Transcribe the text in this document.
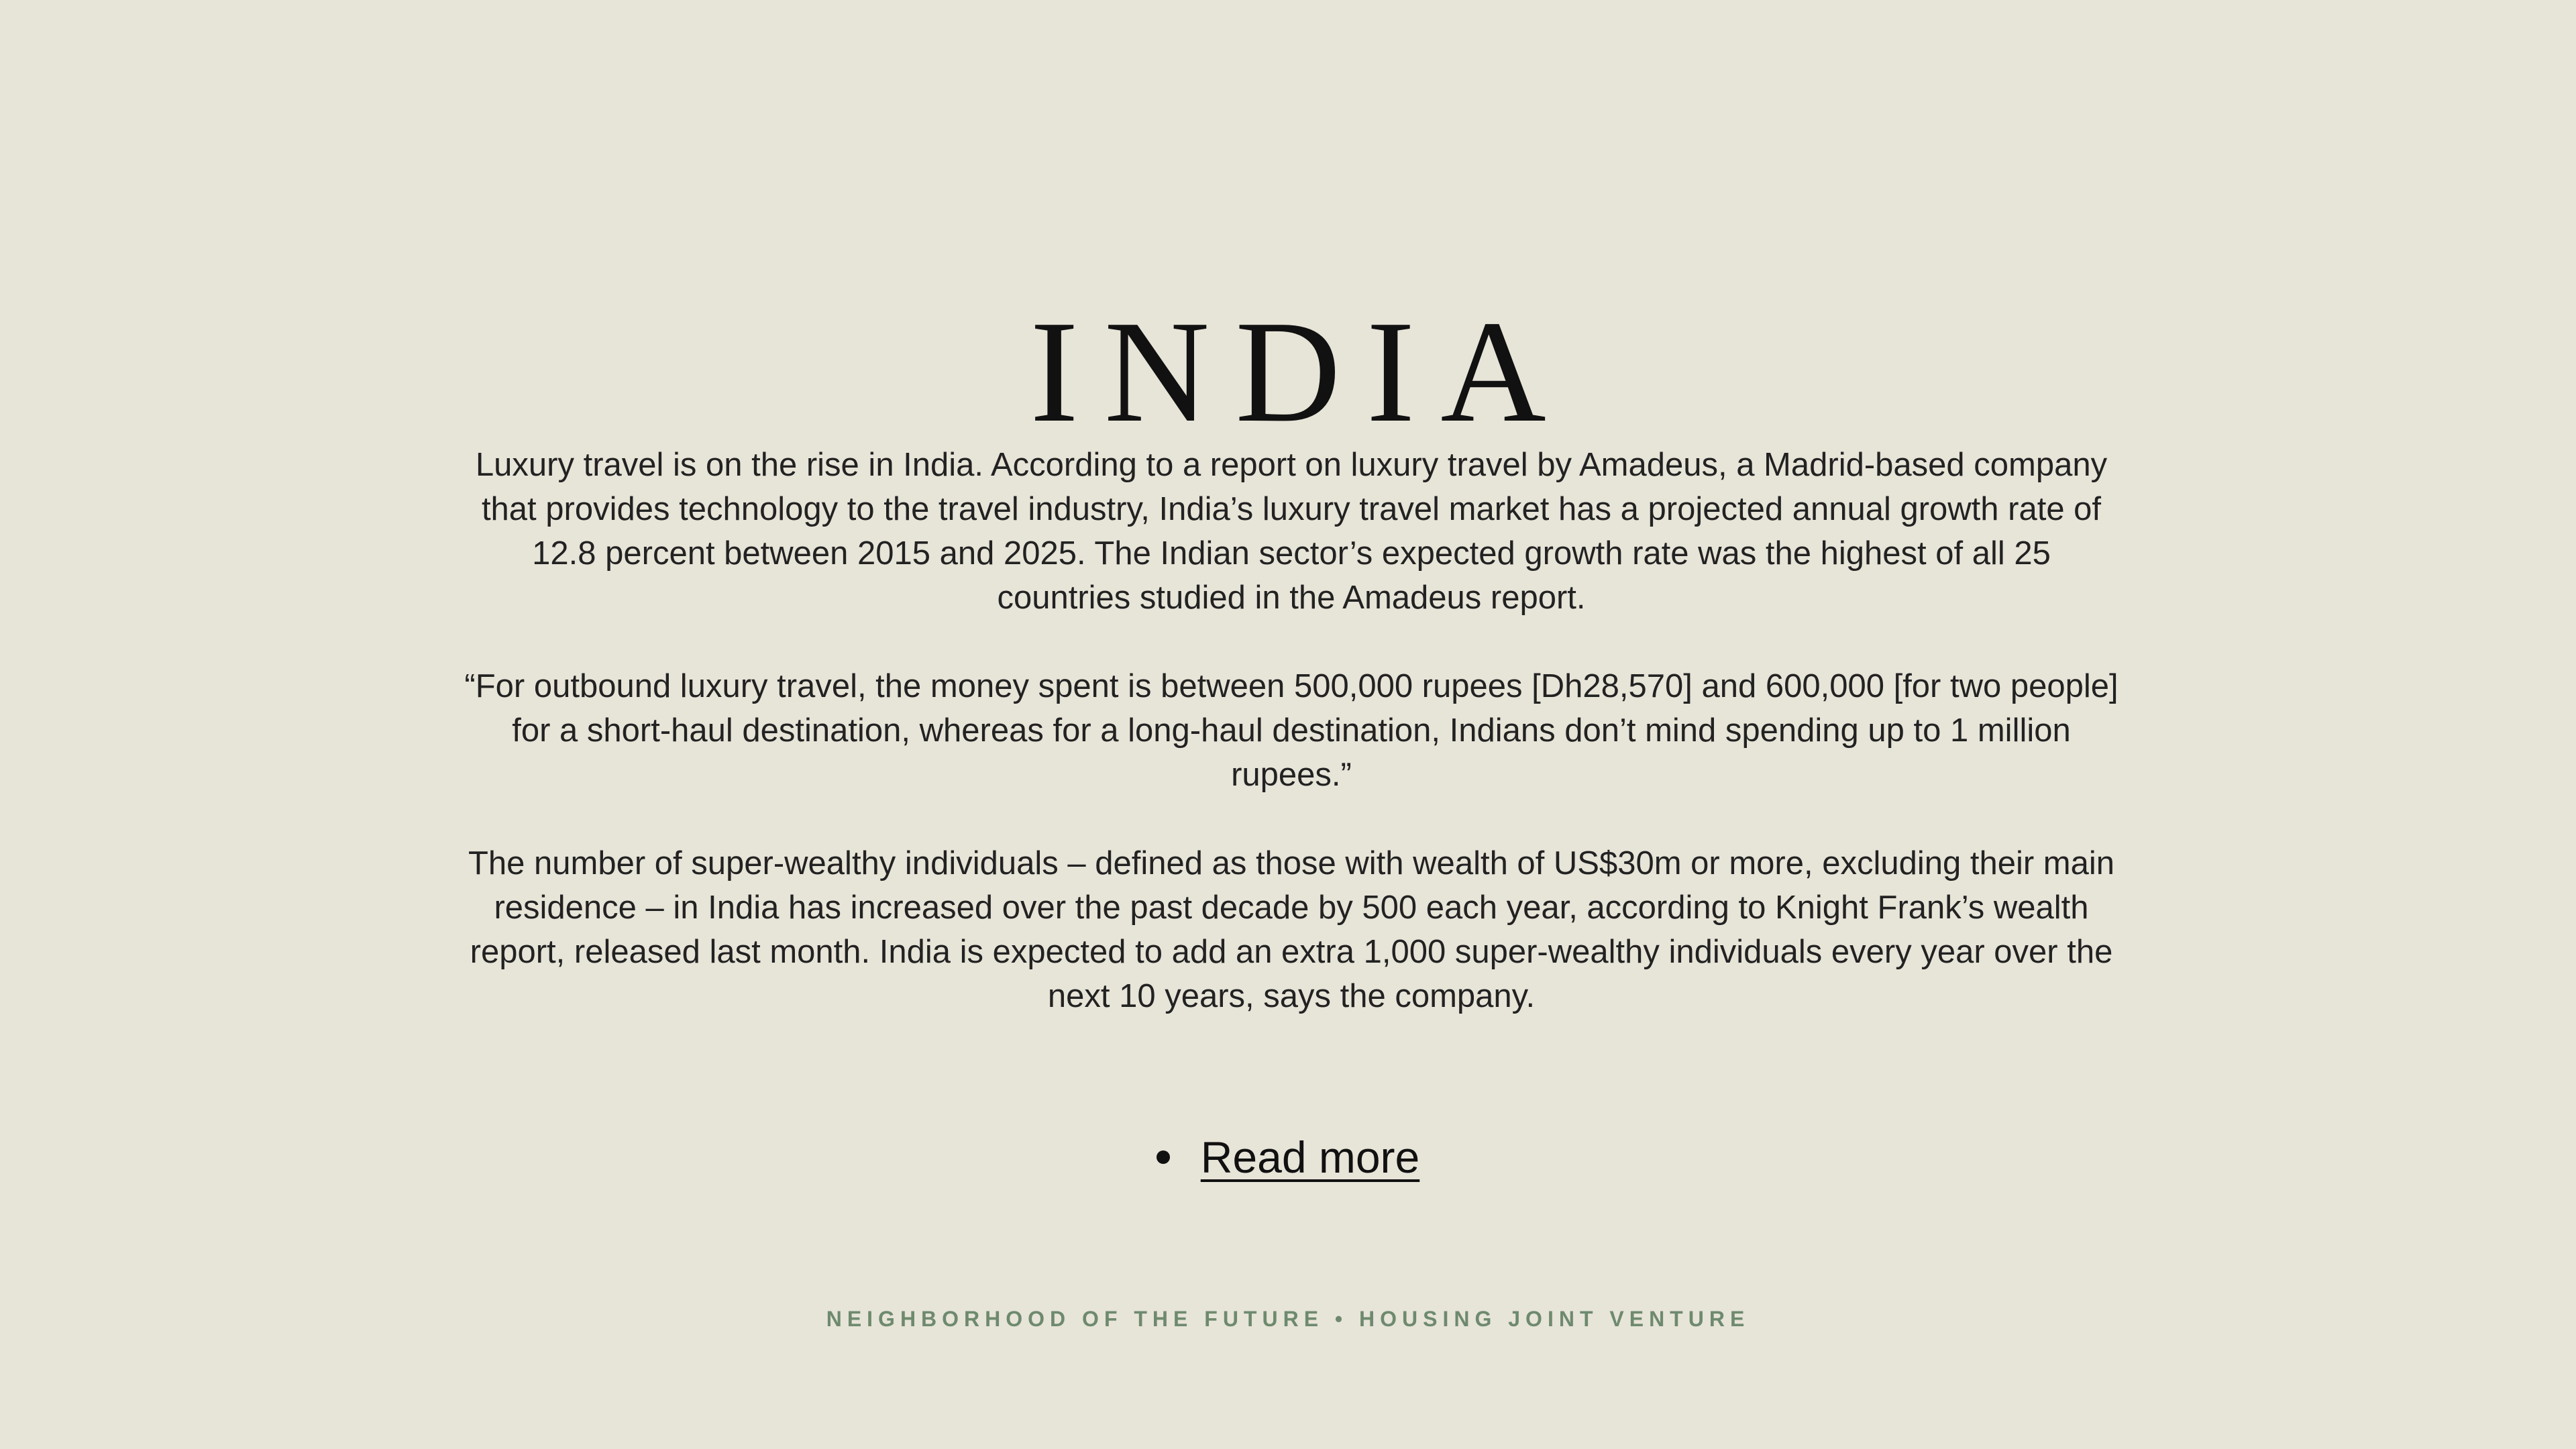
INDIA

Luxury travel is on the rise in India. According to a report on luxury travel by Amadeus, a Madrid-based company that provides technology to the travel industry, India’s luxury travel market has a projected annual growth rate of 12.8 percent between 2015 and 2025. The Indian sector’s expected growth rate was the highest of all 25 countries studied in the Amadeus report.

“For outbound luxury travel, the money spent is between 500,000 rupees [Dh28,570] and 600,000 [for two people] for a short-haul destination, whereas for a long-haul destination, Indians don’t mind spending up to 1 million rupees.”

The number of super-wealthy individuals – defined as those with wealth of US$30m or more, excluding their main residence – in India has increased over the past decade by 500 each year, according to Knight Frank’s wealth report, released last month. India is expected to add an extra 1,000 super-wealthy individuals every year over the next 10 years, says the company.

Read more
NEIGHBORHOOD OF THE FUTURE • HOUSING JOINT VENTURE
